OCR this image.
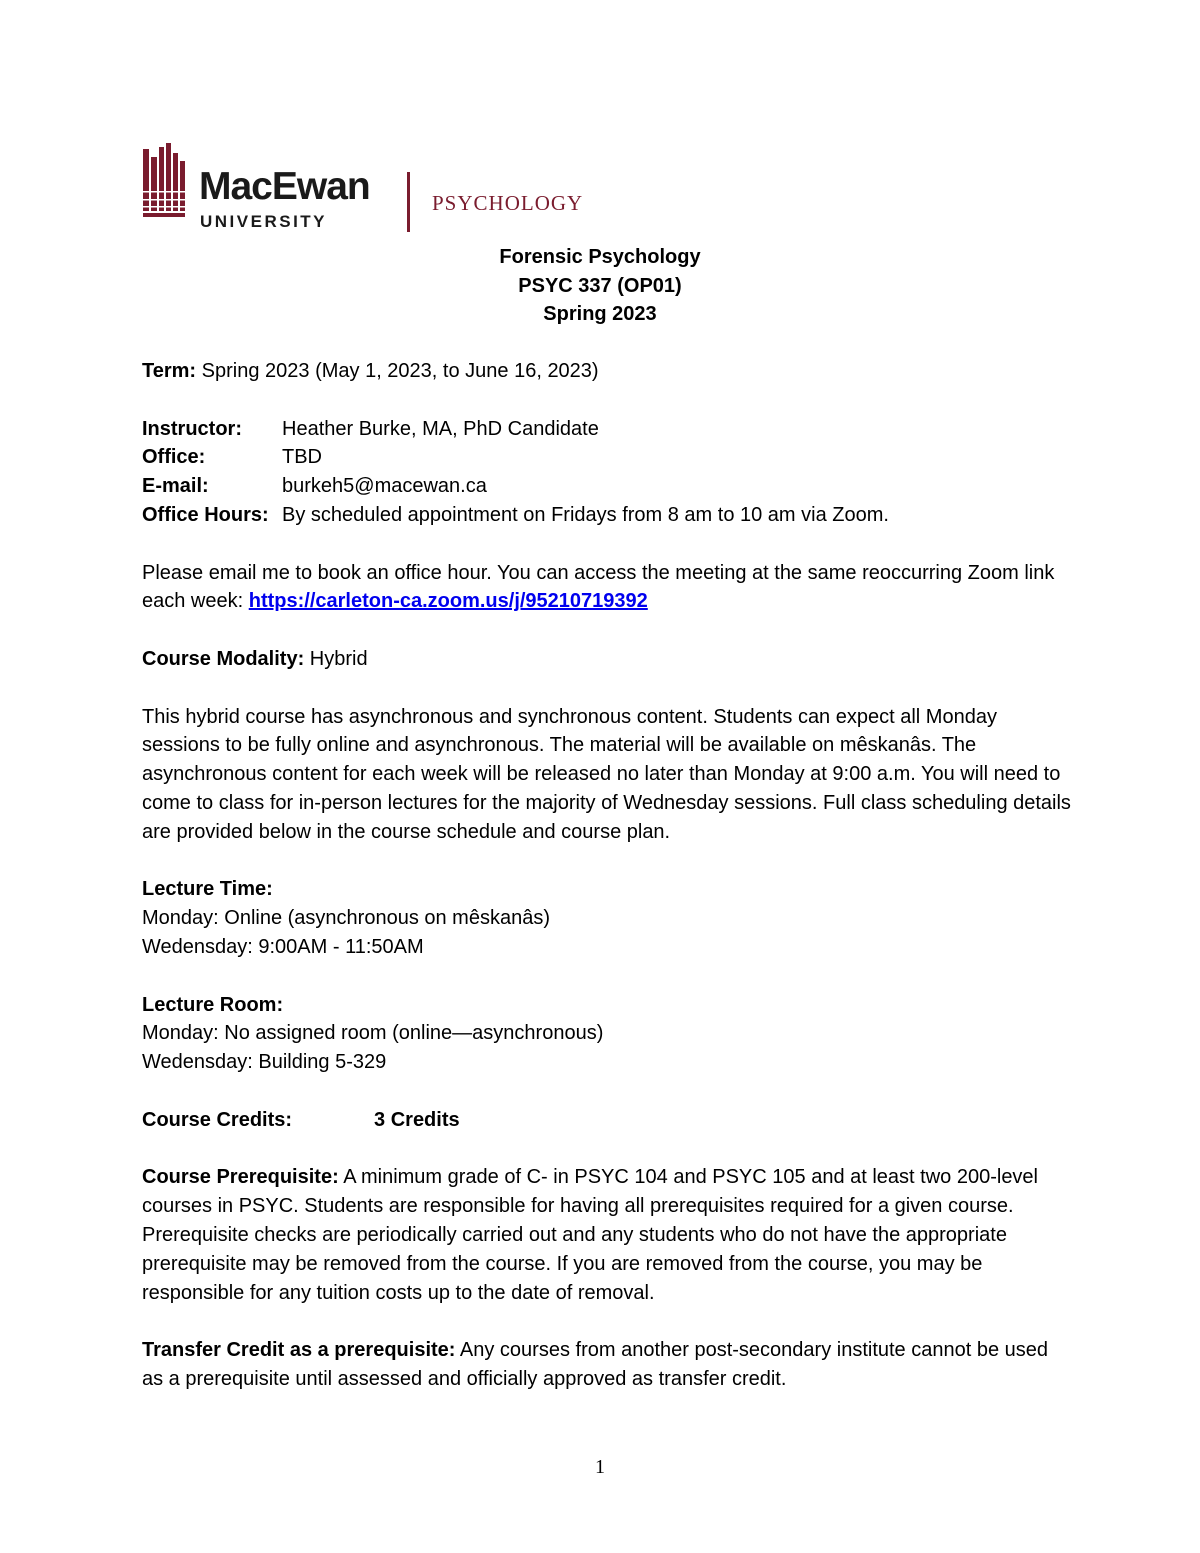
MacEwan
UNIVERSITY
PSYCHOLOGY
Forensic Psychology
PSYC 337 (OP01)
Spring 2023

Term: Spring 2023 (May 1, 2023, to June 16, 2023)

Instructor:	Heather Burke, MA, PhD Candidate
Office:	TBD
E-mail:	burkeh5@macewan.ca
Office Hours:	By scheduled appointment on Fridays from 8 am to 10 am via Zoom.

Please email me to book an office hour. You can access the meeting at the same reoccurring Zoom link each week: https://carleton-ca.zoom.us/j/95210719392

Course Modality: Hybrid

This hybrid course has asynchronous and synchronous content. Students can expect all Monday sessions to be fully online and asynchronous. The material will be available on mêskanâs. The asynchronous content for each week will be released no later than Monday at 9:00 a.m. You will need to come to class for in-person lectures for the majority of Wednesday sessions. Full class scheduling details are provided below in the course schedule and course plan.

Lecture Time:

Monday: Online (asynchronous on mêskanâs)

Wedensday: 9:00AM - 11:50AM

Lecture Room:

Monday: No assigned room (online—asynchronous)

Wedensday: Building 5-329

Course Credits:	3 Credits

Course Prerequisite: A minimum grade of C- in PSYC 104 and PSYC 105 and at least two 200-level courses in PSYC. Students are responsible for having all prerequisites required for a given course. Prerequisite checks are periodically carried out and any students who do not have the appropriate prerequisite may be removed from the course. If you are removed from the course, you may be responsible for any tuition costs up to the date of removal.

Transfer Credit as a prerequisite: Any courses from another post-secondary institute cannot be used as a prerequisite until assessed and officially approved as transfer credit.

1
